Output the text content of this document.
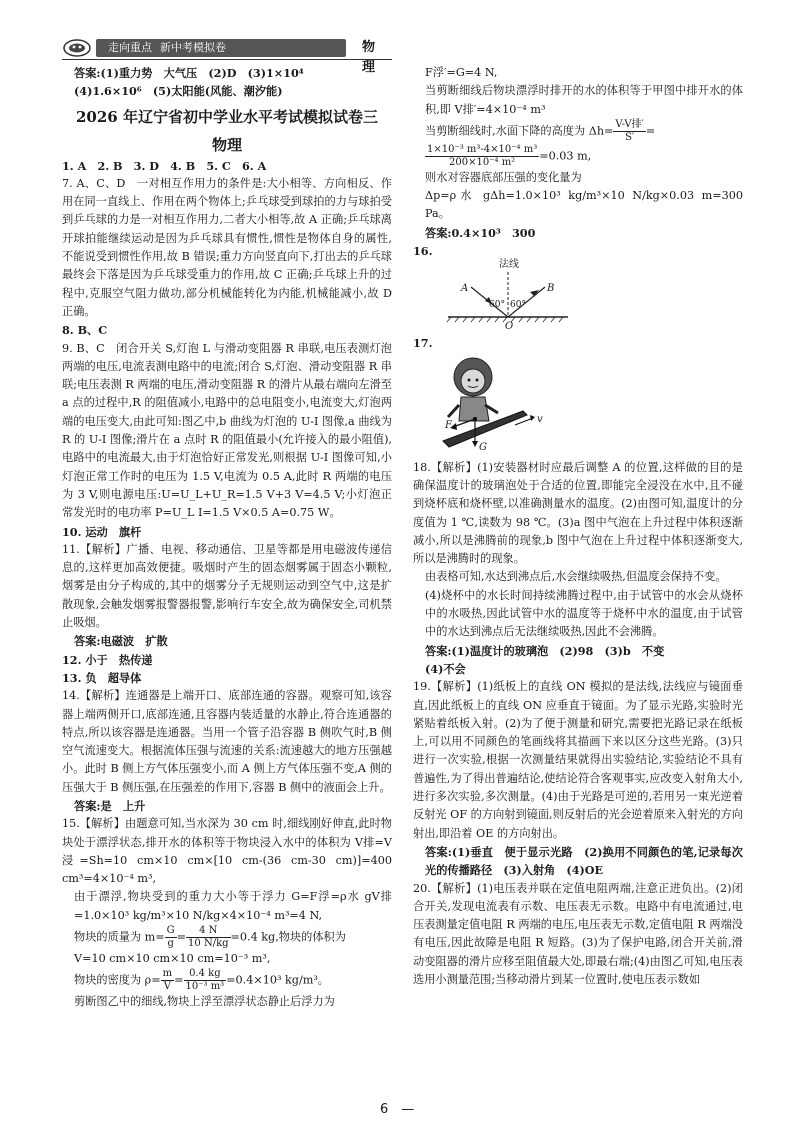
走向重点 新中考模拟卷	物理

答案:(1)重力势　大气压　(2)D　(3)1×10⁴

(4)1.6×10⁶　(5)太阳能(风能、潮汐能)

2026 年辽宁省初中学业水平考试模拟试卷三

物理

1. A　2. B　3. D　4. B　5. C　6. A

7. A、C、D　一对相互作用力的条件是:大小相等、方向相反、作用在同一直线上、作用在两个物体上;乒乓球受到球拍的力与球拍受到乒乓球的力是一对相互作用力,二者大小相等,故 A 正确;乒乓球离开球拍能继续运动是因为乒乓球具有惯性,惯性是物体自身的属性,不能说受到惯性作用,故 B 错误;重力方向竖直向下,打出去的乒乓球最终会下落是因为乒乓球受重力的作用,故 C 正确;乒乓球上升的过程中,克服空气阻力做功,部分机械能转化为内能,机械能减小,故 D 正确。

8. B、C

9. B、C　闭合开关 S,灯泡 L 与滑动变阻器 R 串联,电压表测灯泡两端的电压,电流表测电路中的电流;闭合 S,灯泡、滑动变阻器 R 串联;电压表测 R 两端的电压,滑动变阻器 R 的滑片从最右端向左滑至 a 点的过程中,R 的阻值减小,电路中的总电阻变小,电流变大,灯泡两端的电压变大,由此可知:图乙中,b 曲线为灯泡的 U-I 图像,a 曲线为 R 的 U-I 图像;滑片在 a 点时 R 的阻值最小(允许接入的最小阻值),电路中的电流最大,由于灯泡恰好正常发光,则根据 U-I 图像可知,小灯泡正常工作时的电压为 1.5 V,电流为 0.5 A,此时 R 两端的电压为 3 V,则电源电压:U=U_L+U_R=1.5 V+3 V=4.5 V;小灯泡正常发光时的电功率 P=U_L I=1.5 V×0.5 A=0.75 W。

10. 运动　旗杆

11.【解析】广播、电视、移动通信、卫星等都是用电磁波传递信息的,这样更加高效便捷。吸烟时产生的固态烟雾属于固态小颗粒,烟雾是由分子构成的,其中的烟雾分子无规则运动到空气中,这是扩散现象,会触发烟雾报警器报警,影响行车安全,故为确保安全,司机禁止吸烟。

答案:电磁波　扩散

12. 小于　热传递

13. 负　超导体

14.【解析】连通器是上端开口、底部连通的容器。观察可知,该容器上端两侧开口,底部连通,且容器内装适量的水静止,符合连通器的特点,所以该容器是连通器。当用一个管子沿容器 B 侧吹气时,B 侧空气流速变大。根据流体压强与流速的关系:流速越大的地方压强越小。此时 B 侧上方气体压强变小,而 A 侧上方气体压强不变,A 侧的压强大于 B 侧压强,在压强差的作用下,容器 B 侧中的液面会上升。

答案:是　上升

15.【解析】由题意可知,当水深为 30 cm 时,细线刚好伸直,此时物块处于漂浮状态,排开水的体积等于物块浸入水中的体积为 V排=V浸=Sh=10 cm×10 cm×[10 cm-(36 cm-30 cm)]=400 cm³=4×10⁻⁴ m³,

由于漂浮,物块受到的重力大小等于浮力 G=F浮=ρ水 gV排=1.0×10³ kg/m³×10 N/kg×4×10⁻⁴ m³=4 N,

物块的质量为 $m= \frac{G}{g} = \frac{4 N}{10 N/kg} =0.4$ kg,物块的体积为

V=10 cm×10 cm×10 cm=10⁻³ m³,

物块的密度为 $\rho= \frac{m}{V} = \frac{0.4 kg}{\text{10⁻³ m³}} =0.4\times 10^3$ kg/m³。

剪断图乙中的细线,物块上浮至漂浮状态静止后浮力为

F浮′=G=4 N,

当剪断细线后物块漂浮时排开的水的体积等于甲图中排开水的体积,即 V排′=4×10⁻⁴ m³

当剪断细线时,水面下降的高度为 $\Delta h= \frac{\text{V-V排′}}{S'}$ =

$\frac{\text{1×10⁻³ m³-4×10⁻⁴ m³}}{\text{200×10⁻⁴ m²}} =0.03$ m,

则水对容器底部压强的变化量为

Δp=ρ水 gΔh=1.0×10³ kg/m³×10 N/kg×0.03 m=300 Pa。

答案:0.4×10³　300

16.

法线
A	B
O
60° 60°

17.

F
G
v

18.【解析】(1)安装器材时应最后调整 A 的位置,这样做的目的是确保温度计的玻璃泡处于合适的位置,即能完全浸没在水中,且不碰到烧杯底和烧杯壁,以准确测量水的温度。(2)由图可知,温度计的分度值为 1 ℃,读数为 98 ℃。(3)a 图中气泡在上升过程中体积逐渐减小,所以是沸腾前的现象,b 图中气泡在上升过程中体积逐渐变大,所以是沸腾时的现象。

由表格可知,水达到沸点后,水会继续吸热,但温度会保持不变。

(4)烧杯中的水长时间持续沸腾过程中,由于试管中的水会从烧杯中的水吸热,因此试管中水的温度等于烧杯中水的温度,由于试管中的水达到沸点后无法继续吸热,因此不会沸腾。

答案:(1)温度计的玻璃泡　(2)98　(3)b　不变

(4)不会

19.【解析】(1)纸板上的直线 ON 模拟的是法线,法线应与镜面垂直,因此纸板上的直线 ON 应垂直于镜面。为了显示光路,实验时光紧贴着纸板入射。(2)为了便于测量和研究,需要把光路记录在纸板上,可以用不同颜色的笔画线将其描画下来以区分这些光路。(3)只进行一次实验,根据一次测量结果就得出实验结论,实验结论不具有普遍性,为了得出普遍结论,使结论符合客观事实,应改变入射角大小,进行多次实验,多次测量。(4)由于光路是可逆的,若用另一束光逆着反射光 OF 的方向射到镜面,则反射后的光会逆着原来入射光的方向射出,即沿着 OE 的方向射出。

答案:(1)垂直　便于显示光路　(2)换用不同颜色的笔,记录每次光的传播路径　(3)入射角　(4)OE

20.【解析】(1)电压表并联在定值电阻两端,注意正进负出。(2)闭合开关,发现电流表有示数、电压表无示数。电路中有电流通过,电压表测量定值电阻 R 两端的电压,电压表无示数,定值电阻 R 两端没有电压,因此故障是电阻 R 短路。(3)为了保护电路,闭合开关前,滑动变阻器的滑片应移至阻值最大处,即最右端;(4)由图乙可知,电压表选用小测量范围;当移动滑片到某一位置时,使电压表示数如

6　—
